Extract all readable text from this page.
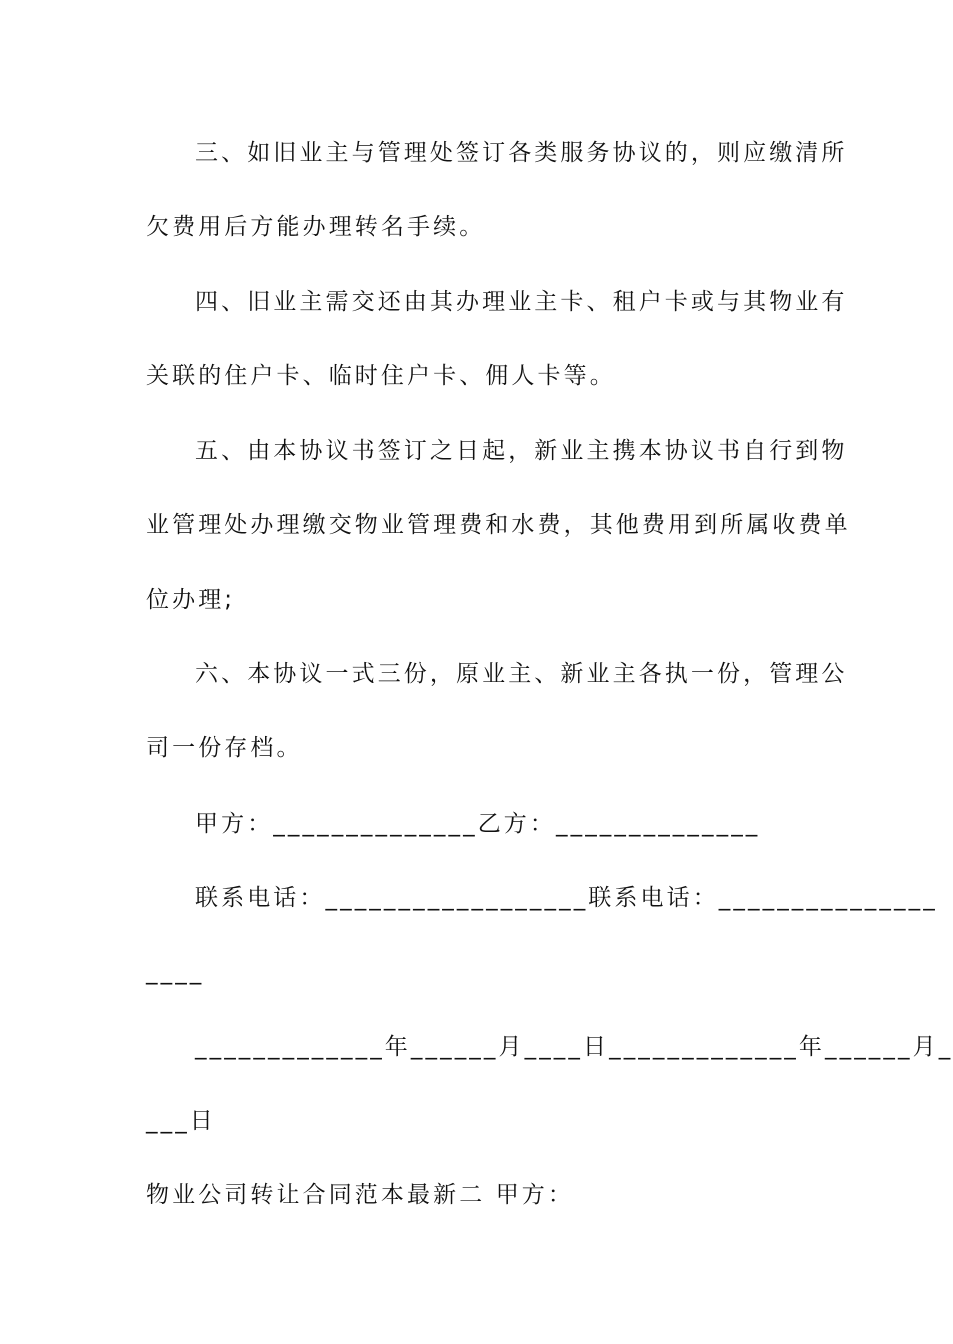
三、如旧业主与管理处签订各类服务协议的，则应缴清所
欠费用后方能办理转名手续。
四、旧业主需交还由其办理业主卡、租户卡或与其物业有
关联的住户卡、临时住户卡、佣人卡等。
五、由本协议书签订之日起，新业主携本协议书自行到物
业管理处办理缴交物业管理费和水费，其他费用到所属收费单
位办理;
六、本协议一式三份，原业主、新业主各执一份，管理公
司一份存档。
甲方：______________乙方：______________
联系电话：__________________联系电话：_______________
____
_____________年______月____日_____________年______月_
___日
物业公司转让合同范本最新二 甲方：
